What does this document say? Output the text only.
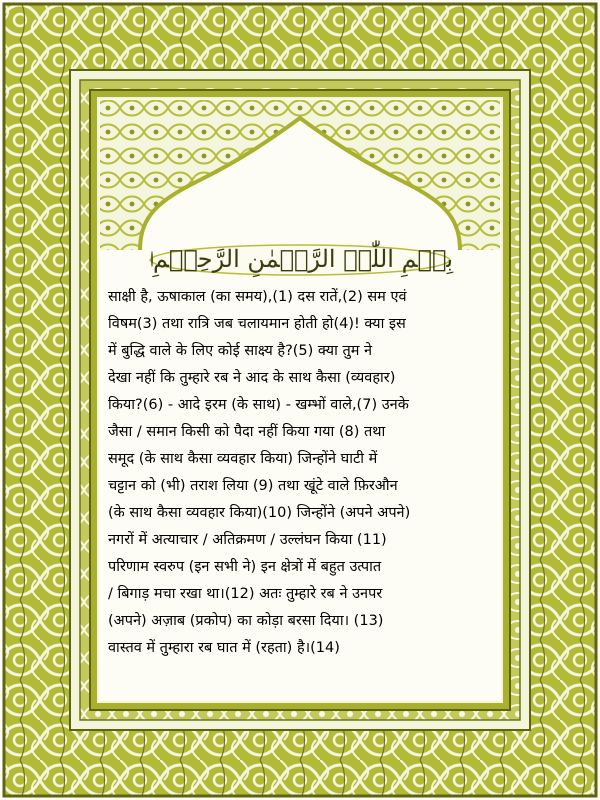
بِسۡمِ اللّٰہِ الرَّحۡمٰنِ الرَّحِیۡمِ
साक्षी है, ऊषाकाल (का समय),(1) दस रातें,(2) सम एवं
विषम(3) तथा रात्रि जब चलायमान होती हो(4)! क्या इस
में बुद्धि वाले के लिए कोई साक्ष्य है?(5) क्या तुम ने
देखा नहीं कि तुम्हारे रब ने आद के साथ कैसा (व्यवहार)
किया?(6) - आदे इरम (के साथ) - खम्भों वाले,(7) उनके
जैसा / समान किसी को पैदा नहीं किया गया (8) तथा
समूद (के साथ कैसा व्यवहार किया) जिन्होंने घाटी में
चट्टान को (भी) तराश लिया (9) तथा खूंटे वाले फ़िरऔन
(के साथ कैसा व्यवहार किया)(10) जिन्होंने (अपने अपने)
नगरों में अत्याचार / अतिक्रमण / उल्लंघन किया (11)
परिणाम स्वरुप (इन सभी ने) इन क्षेत्रों में बहुत उत्पात
/ बिगाड़ मचा रखा था।(12) अतः तुम्हारे रब ने उनपर
(अपने) अज़ाब (प्रकोप) का कोड़ा बरसा दिया। (13)
वास्तव में तुम्हारा रब घात में (रहता) है।(14)
